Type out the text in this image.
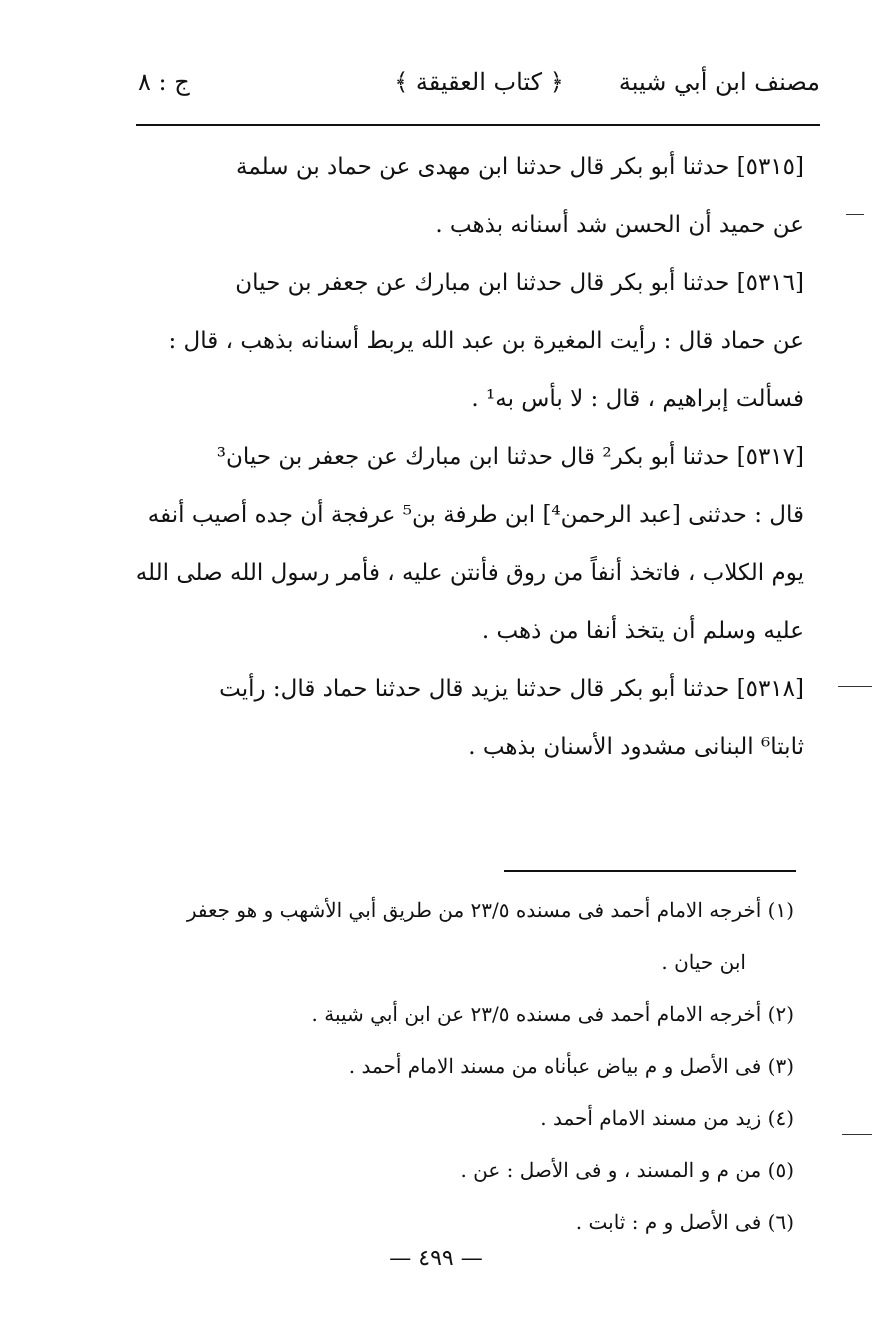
مصنف ابن أبي شيبة
﴿ كتاب العقيقة ﴾
ج : ٨
[٥٣١٥] حدثنا أبو بكر قال حدثنا ابن مهدى عن حماد بن سلمة
عن حميد أن الحسن شد أسنانه بذهب .
[٥٣١٦] حدثنا أبو بكر قال حدثنا ابن مبارك عن جعفر بن حيان
عن حماد قال : رأيت المغيرة بن عبد الله يربط أسنانه بذهب ، قال :
فسألت إبراهيم ، قال : لا بأس به¹ .
[٥٣١٧] حدثنا أبو بكر² قال حدثنا ابن مبارك عن جعفر بن حيان³
قال : حدثنى [عبد الرحمن⁴] ابن طرفة بن⁵ عرفجة أن جده أصيب أنفه
يوم الكلاب ، فاتخذ أنفاً من روق فأنتن عليه ، فأمر رسول الله صلى الله
عليه وسلم أن يتخذ أنفا من ذهب .
[٥٣١٨] حدثنا أبو بكر قال حدثنا يزيد قال حدثنا حماد قال: رأيت
ثابتا⁶ البنانى مشدود الأسنان بذهب .
(١) أخرجه الامام أحمد فى مسنده ٢٣/٥ من طريق أبي الأشهب و هو جعفر
ابن حيان .
(٢) أخرجه الامام أحمد فى مسنده ٢٣/٥ عن ابن أبي شيبة .
(٣) فى الأصل و م بياض عبأناه من مسند الامام أحمد .
(٤) زيد من مسند الامام أحمد .
(٥) من م و المسند ، و فى الأصل : عن .
(٦) فى الأصل و م : ثابت .
— ٤٩٩ —
